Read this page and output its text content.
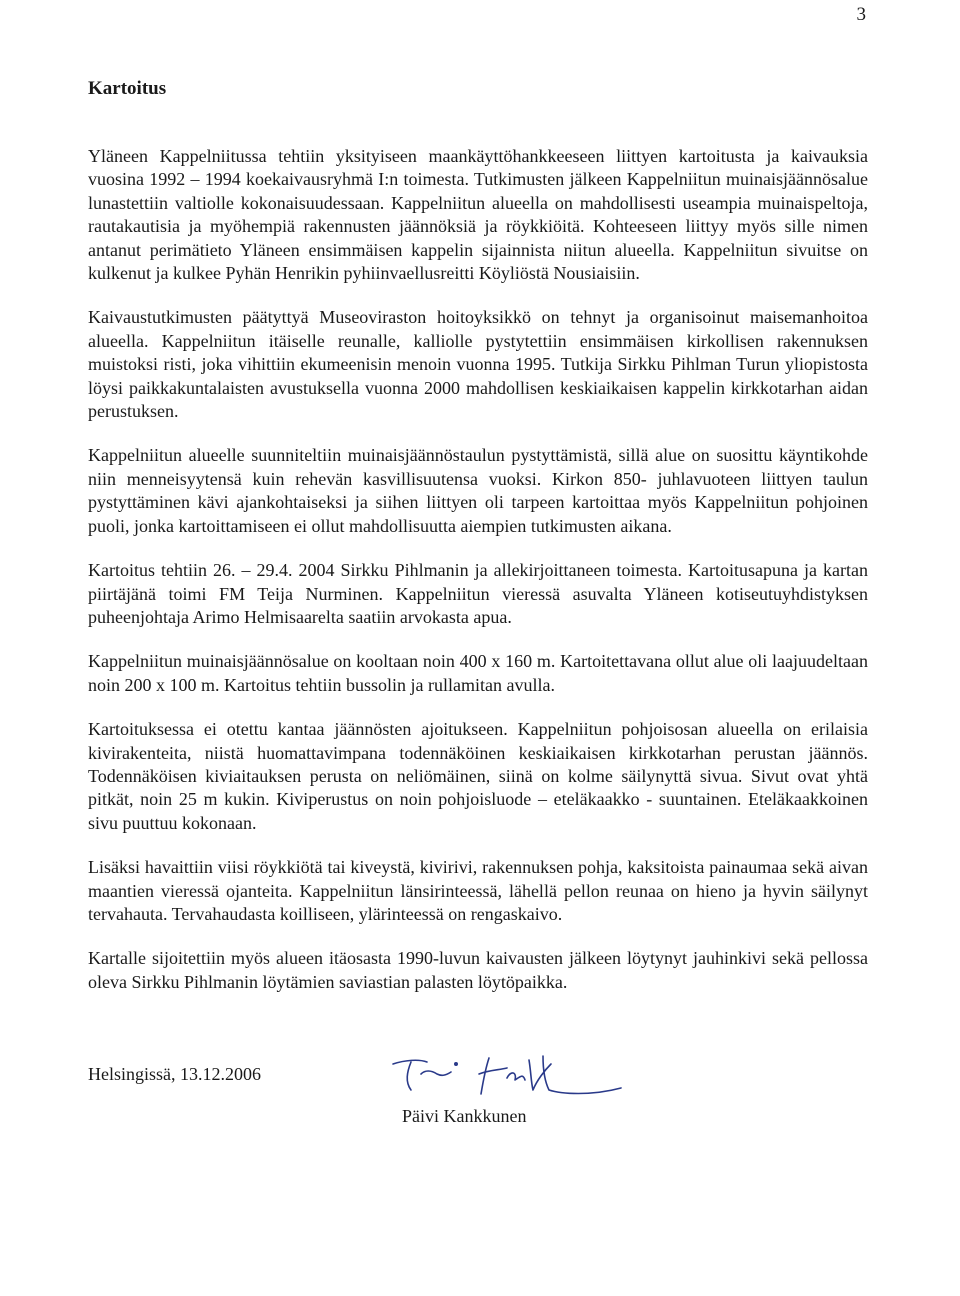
3
Kartoitus

Yläneen Kappelniitussa tehtiin yksityiseen maankäyttöhankkeeseen liittyen kartoitusta ja kaivauksia vuosina 1992 – 1994 koekaivausryhmä I:n toimesta. Tutkimusten jälkeen Kappelniitun muinaisjäännösalue lunastettiin valtiolle kokonaisuudessaan. Kappelniitun alueella on mahdollisesti useampia muinaispeltoja, rautakautisia ja myöhempiä rakennusten jäännöksiä ja röykkiöitä. Kohteeseen liittyy myös sille nimen antanut perimätieto Yläneen ensimmäisen kappelin sijainnista niitun alueella. Kappelniitun sivuitse on kulkenut ja kulkee Pyhän Henrikin pyhiinvaellusreitti Köyliöstä Nousiaisiin.

Kaivaustutkimusten päätyttyä Museoviraston hoitoyksikkö on tehnyt ja organisoinut maisemanhoitoa alueella. Kappelniitun itäiselle reunalle, kalliolle pystytettiin ensimmäisen kirkollisen rakennuksen muistoksi risti, joka vihittiin ekumeenisin menoin vuonna 1995. Tutkija Sirkku Pihlman Turun yliopistosta löysi paikkakuntalaisten avustuksella vuonna 2000 mahdollisen keskiaikaisen kappelin kirkkotarhan aidan perustuksen.

Kappelniitun alueelle suunniteltiin muinaisjäännöstaulun pystyttämistä, sillä alue on suosittu käyntikohde niin menneisyytensä kuin rehevän kasvillisuutensa vuoksi. Kirkon 850- juhlavuoteen liittyen taulun pystyttäminen kävi ajankohtaiseksi ja siihen liittyen oli tarpeen kartoittaa myös Kappelniitun pohjoinen puoli, jonka kartoittamiseen ei ollut mahdollisuutta aiempien tutkimusten aikana.

Kartoitus tehtiin 26. – 29.4. 2004 Sirkku Pihlmanin ja allekirjoittaneen toimesta. Kartoitusapuna ja kartan piirtäjänä toimi FM Teija Nurminen. Kappelniitun vieressä asuvalta Yläneen kotiseutuyhdistyksen puheenjohtaja Arimo Helmisaarelta saatiin arvokasta apua.

Kappelniitun muinaisjäännösalue on kooltaan noin 400 x 160 m. Kartoitettavana ollut alue oli laajuudeltaan noin 200 x 100 m. Kartoitus tehtiin bussolin ja rullamitan avulla.

Kartoituksessa ei otettu kantaa jäännösten ajoitukseen. Kappelniitun pohjoisosan alueella on erilaisia kivirakenteita, niistä huomattavimpana todennäköinen keskiaikaisen kirkkotarhan perustan jäännös. Todennäköisen kiviaitauksen perusta on neliömäinen, siinä on kolme säilynyttä sivua. Sivut ovat yhtä pitkät, noin 25 m kukin. Kiviperustus on noin pohjoisluode – eteläkaakko - suuntainen. Eteläkaakkoinen sivu puuttuu kokonaan.

Lisäksi havaittiin viisi röykkiötä tai kiveystä, kivirivi, rakennuksen pohja, kaksitoista painaumaa sekä aivan maantien vieressä ojanteita. Kappelniitun länsirinteessä, lähellä pellon reunaa on hieno ja hyvin säilynyt tervahauta. Tervahaudasta koilliseen, ylärinteessä on rengaskaivo.

Kartalle sijoitettiin myös alueen itäosasta 1990-luvun kaivausten jälkeen löytynyt jauhinkivi sekä pellossa oleva Sirkku Pihlmanin löytämien saviastian palasten löytöpaikka.

Helsingissä, 13.12.2006
Päivi Kankkunen
